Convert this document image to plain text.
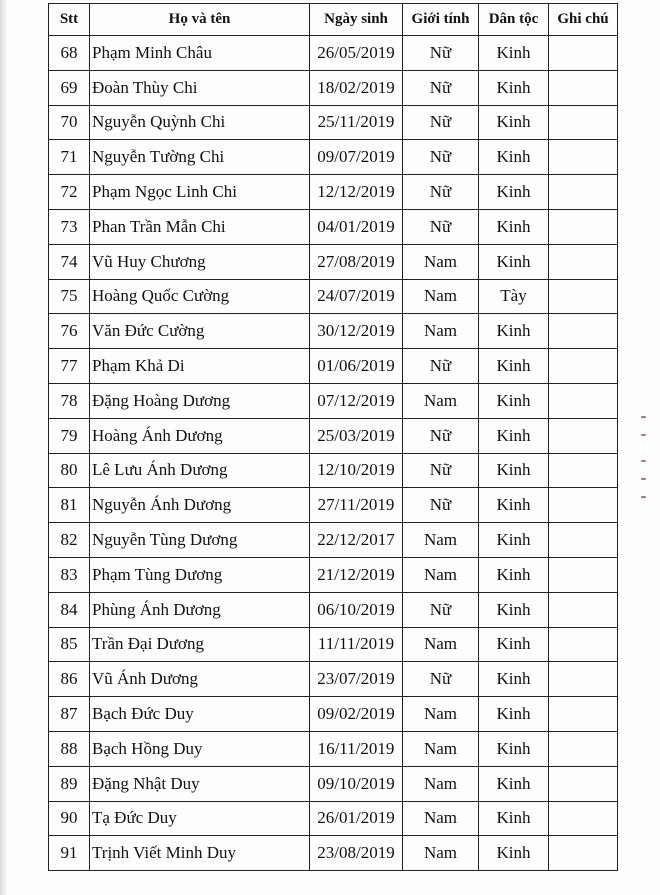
Stt	Họ và tên	Ngày sinh	Giới tính	Dân tộc	Ghi chú
68	Phạm Minh Châu	26/05/2019	Nữ	Kinh	
69	Đoàn Thùy Chi	18/02/2019	Nữ	Kinh	
70	Nguyễn Quỳnh Chi	25/11/2019	Nữ	Kinh	
71	Nguyễn Tường Chi	09/07/2019	Nữ	Kinh	
72	Phạm Ngọc Linh Chi	12/12/2019	Nữ	Kinh	
73	Phan Trần Mẫn Chi	04/01/2019	Nữ	Kinh	
74	Vũ Huy Chương	27/08/2019	Nam	Kinh	
75	Hoàng Quốc Cường	24/07/2019	Nam	Tày	
76	Văn Đức Cường	30/12/2019	Nam	Kinh	
77	Phạm Khả Di	01/06/2019	Nữ	Kinh	
78	Đặng Hoàng Dương	07/12/2019	Nam	Kinh	
79	Hoàng Ánh Dương	25/03/2019	Nữ	Kinh	
80	Lê Lưu Ánh Dương	12/10/2019	Nữ	Kinh	
81	Nguyễn Ánh Dương	27/11/2019	Nữ	Kinh	
82	Nguyễn Tùng Dương	22/12/2017	Nam	Kinh	
83	Phạm Tùng Dương	21/12/2019	Nam	Kinh	
84	Phùng Ánh Dương	06/10/2019	Nữ	Kinh	
85	Trần Đại Dương	11/11/2019	Nam	Kinh	
86	Vũ Ánh Dương	23/07/2019	Nữ	Kinh	
87	Bạch Đức Duy	09/02/2019	Nam	Kinh	
88	Bạch Hồng Duy	16/11/2019	Nam	Kinh	
89	Đặng Nhật Duy	09/10/2019	Nam	Kinh	
90	Tạ Đức Duy	26/01/2019	Nam	Kinh	
91	Trịnh Viết Minh Duy	23/08/2019	Nam	Kinh	
